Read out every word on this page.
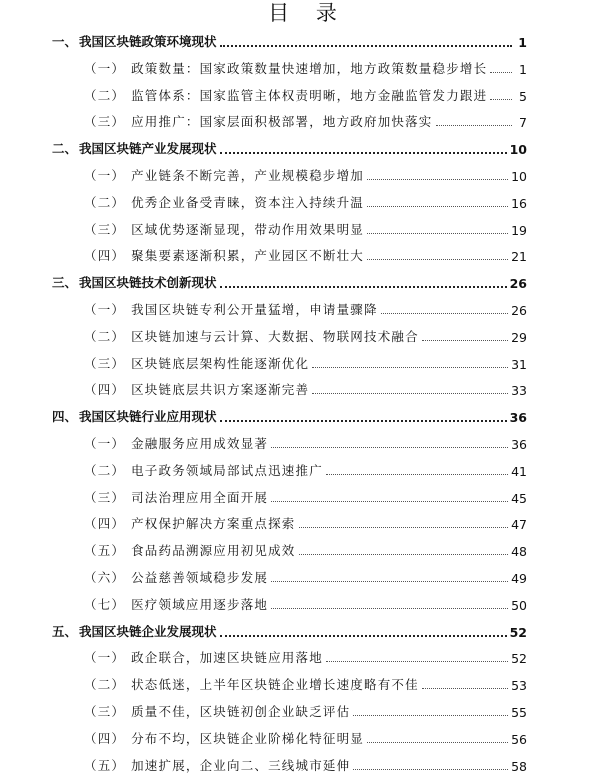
目 录
一、 我国区块链政策环境现状	1
（一） 政策数量：国家政策数量快速增加，地方政策数量稳步增长	1
（二） 监管体系：国家监管主体权责明晰，地方金融监管发力跟进	5
（三） 应用推广：国家层面积极部署，地方政府加快落实	7
二、 我国区块链产业发展现状	10
（一） 产业链条不断完善，产业规模稳步增加	10
（二） 优秀企业备受青睐，资本注入持续升温	16
（三） 区域优势逐渐显现，带动作用效果明显	19
（四） 聚集要素逐渐积累，产业园区不断壮大	21
三、 我国区块链技术创新现状	26
（一） 我国区块链专利公开量猛增，申请量骤降	26
（二） 区块链加速与云计算、大数据、物联网技术融合	29
（三） 区块链底层架构性能逐渐优化	31
（四） 区块链底层共识方案逐渐完善	33
四、 我国区块链行业应用现状	36
（一） 金融服务应用成效显著	36
（二） 电子政务领域局部试点迅速推广	41
（三） 司法治理应用全面开展	45
（四） 产权保护解决方案重点探索	47
（五） 食品药品溯源应用初见成效	48
（六） 公益慈善领域稳步发展	49
（七） 医疗领域应用逐步落地	50
五、 我国区块链企业发展现状	52
（一） 政企联合，加速区块链应用落地	52
（二） 状态低迷，上半年区块链企业增长速度略有不佳	53
（三） 质量不佳，区块链初创企业缺乏评估	55
（四） 分布不均，区块链企业阶梯化特征明显	56
（五） 加速扩展，企业向二、三线城市延伸	58
